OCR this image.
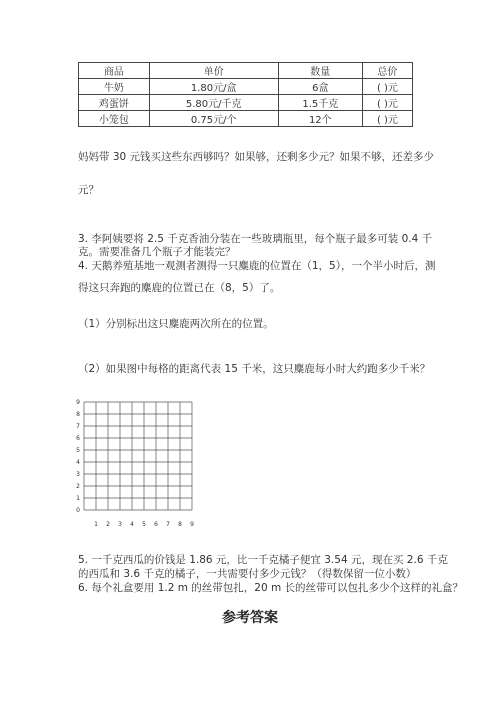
商品	单价	数量	总价
牛奶	1.80元/盒	6盒	( )元
鸡蛋饼	5.80元/千克	1.5千克	( )元
小笼包	0.75元/个	12个	( )元
妈妈带 30 元钱买这些东西够吗？如果够，还剩多少元？如果不够，还差多少
元？
3. 李阿姨要将 2.5 千克香油分装在一些玻璃瓶里，每个瓶子最多可装 0.4 千
克。需要准备几个瓶子才能装完？
4. 天鹅养殖基地一观测者测得一只麋鹿的位置在（1，5），一个半小时后，测
得这只奔跑的麋鹿的位置已在（8，5）了。
（1）分别标出这只麋鹿两次所在的位置。
（2）如果图中每格的距离代表 15 千米，这只麋鹿每小时大约跑多少千米？
1 2 3 4 5 6 7 8 9
1
2
3
4
5
6
7
8
9
0
5. 一千克西瓜的价钱是 1.86 元，比一千克橘子便宜 3.54 元，现在买 2.6 千克
的西瓜和 3.6 千克的橘子，一共需要付多少元钱？（得数保留一位小数）
6. 每个礼盒要用 1.2 m 的丝带包扎，20 m 长的丝带可以包扎多少个这样的礼盒？
参考答案
